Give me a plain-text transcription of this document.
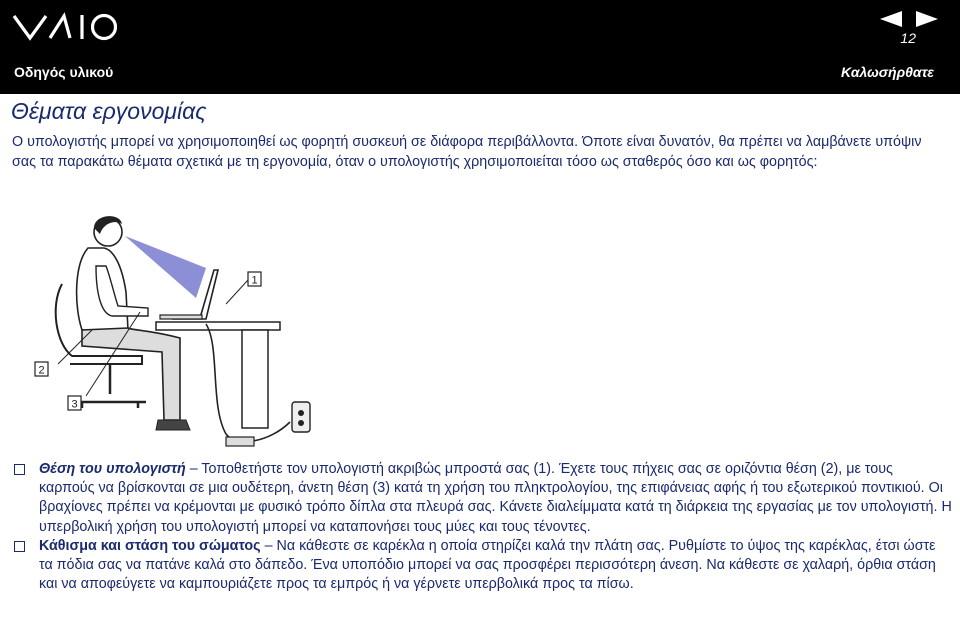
12
Οδηγός υλικού	Καλωσήρθατε
Θέματα εργονομίας
Ο υπολογιστής μπορεί να χρησιμοποιηθεί ως φορητή συσκευή σε διάφορα περιβάλλοντα. Όποτε είναι δυνατόν, θα πρέπει να λαμβάνετε υπόψιν σας τα παρακάτω θέματα σχετικά με τη εργονομία, όταν ο υπολογιστής χρησιμοποιείται τόσο ως σταθερός όσο και ως φορητός:
1
2
3
Θέση του υπολογιστή – Τοποθετήστε τον υπολογιστή ακριβώς μπροστά σας (1). Έχετε τους πήχεις σας σε οριζόντια θέση (2), με τους καρπούς να βρίσκονται σε μια ουδέτερη, άνετη θέση (3) κατά τη χρήση του πληκτρολογίου, της επιφάνειας αφής ή του εξωτερικού ποντικιού. Οι βραχίονες πρέπει να κρέμονται με φυσικό τρόπο δίπλα στα πλευρά σας. Κάνετε διαλείμματα κατά τη διάρκεια της εργασίας με τον υπολογιστή. Η υπερβολική χρήση του υπολογιστή μπορεί να καταπονήσει τους μύες και τους τένοντες.
Κάθισμα και στάση του σώματος – Να κάθεστε σε καρέκλα η οποία στηρίζει καλά την πλάτη σας. Ρυθμίστε το ύψος της καρέκλας, έτσι ώστε τα πόδια σας να πατάνε καλά στο δάπεδο. Ένα υποπόδιο μπορεί να σας προσφέρει περισσότερη άνεση. Να κάθεστε σε χαλαρή, όρθια στάση και να αποφεύγετε να καμπουριάζετε προς τα εμπρός ή να γέρνετε υπερβολικά προς τα πίσω.
